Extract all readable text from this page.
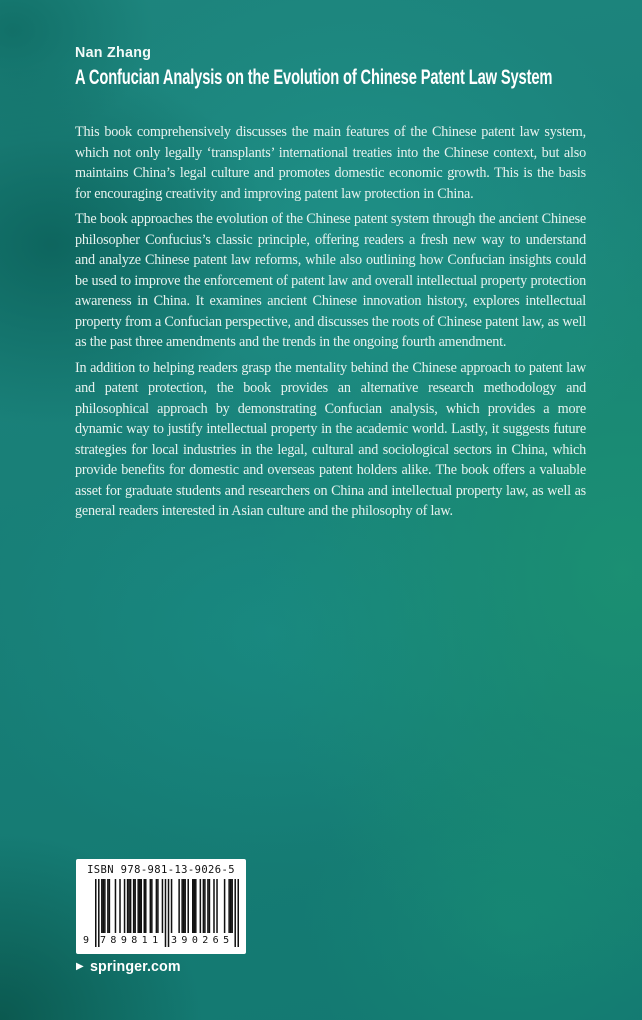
Nan Zhang
A Confucian Analysis on the Evolution of Chinese Patent Law System

This book comprehensively discusses the main features of the Chinese patent law system, which not only legally ‘transplants’ international treaties into the Chinese context, but also maintains China’s legal culture and promotes domestic economic growth. This is the basis for encouraging creativity and improving patent law protection in China.

The book approaches the evolution of the Chinese patent system through the ancient Chinese philosopher Confucius’s classic principle, offering readers a fresh new way to understand and analyze Chinese patent law reforms, while also outlining how Confucian insights could be used to improve the enforcement of patent law and overall intellectual property protection awareness in China. It examines ancient Chinese innovation history, explores intellectual property from a Confucian perspective, and discusses the roots of Chinese patent law, as well as the past three amendments and the trends in the ongoing fourth amendment.

In addition to helping readers grasp the mentality behind the Chinese approach to patent law and patent protection, the book provides an alternative research methodology and philosophical approach by demonstrating Confucian analysis, which provides a more dynamic way to justify intellectual property in the academic world. Lastly, it suggests future strategies for local industries in the legal, cultural and sociological sectors in China, which provide benefits for domestic and overseas patent holders alike. The book offers a valuable asset for graduate students and researchers on China and intellectual property law, as well as general readers interested in Asian culture and the philosophy of law.

ISBN 978-981-13-9026-5
9 789811 390265
▶ springer.com
